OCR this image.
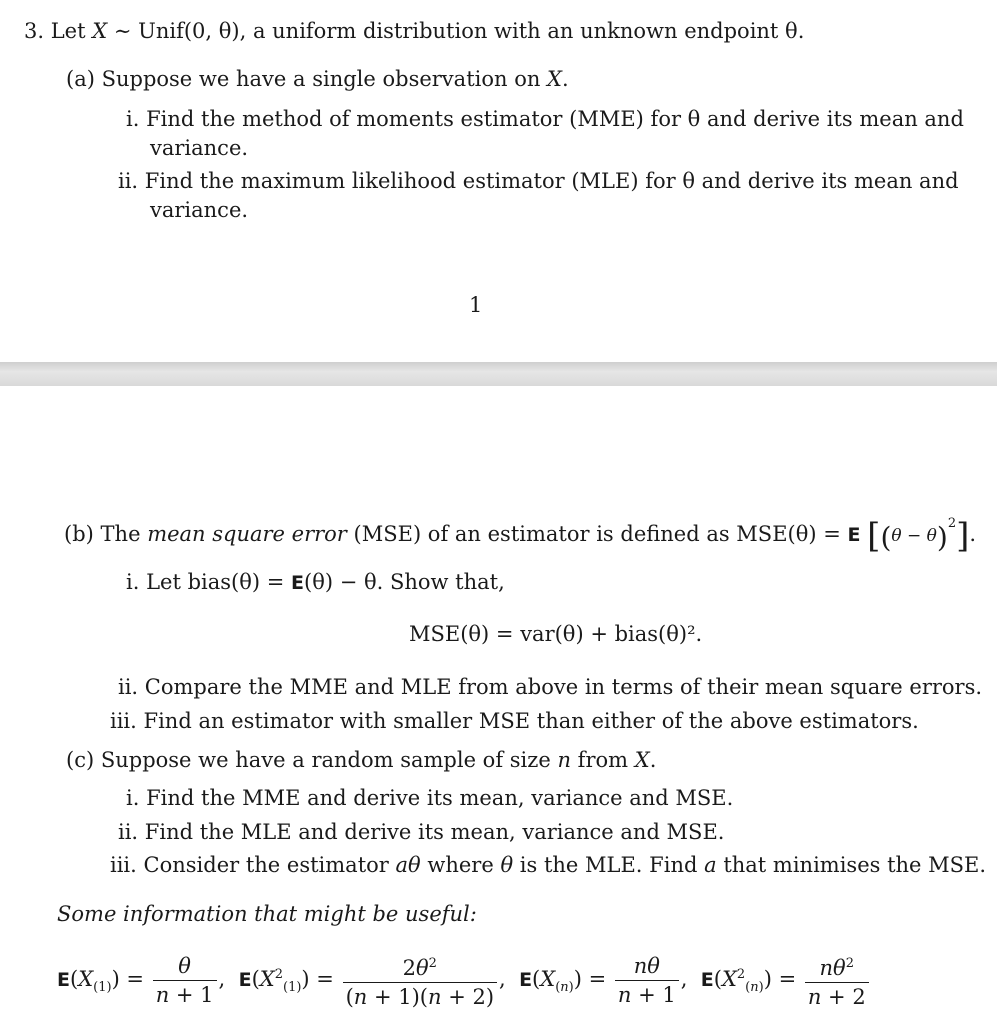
3. Let X ∼ Unif(0, θ), a uniform distribution with an unknown endpoint θ.
(a) Suppose we have a single observation on X.
i. Find the method of moments estimator (MME) for θ and derive its mean and
variance.
ii. Find the maximum likelihood estimator (MLE) for θ and derive its mean and
variance.
1
(b) The mean square error (MSE) of an estimator is defined as MSE(θ) = E $[(\theta - \theta)^2]$.
i. Let bias(θ) = E(θ) − θ. Show that,
MSE(θ) = var(θ) + bias(θ)².
ii. Compare the MME and MLE from above in terms of their mean square errors.
iii. Find an estimator with smaller MSE than either of the above estimators.
(c) Suppose we have a random sample of size n from X.
i. Find the MME and derive its mean, variance and MSE.
ii. Find the MLE and derive its mean, variance and MSE.
iii. Consider the estimator aθ where θ is the MLE. Find a that minimises the MSE.
Some information that might be useful:
$E(X_{(1)}) = \frac{\theta}{n + 1}$ ,  $E(X^2_{(1)}) = \frac{2\theta^2}{(n + 1)(n + 2)}$ ,  $E(X_{(n)}) = \frac{n\theta}{n + 1}$ ,  $E(X^2_{(n)}) = \frac{n\theta^2}{n + 2}$
